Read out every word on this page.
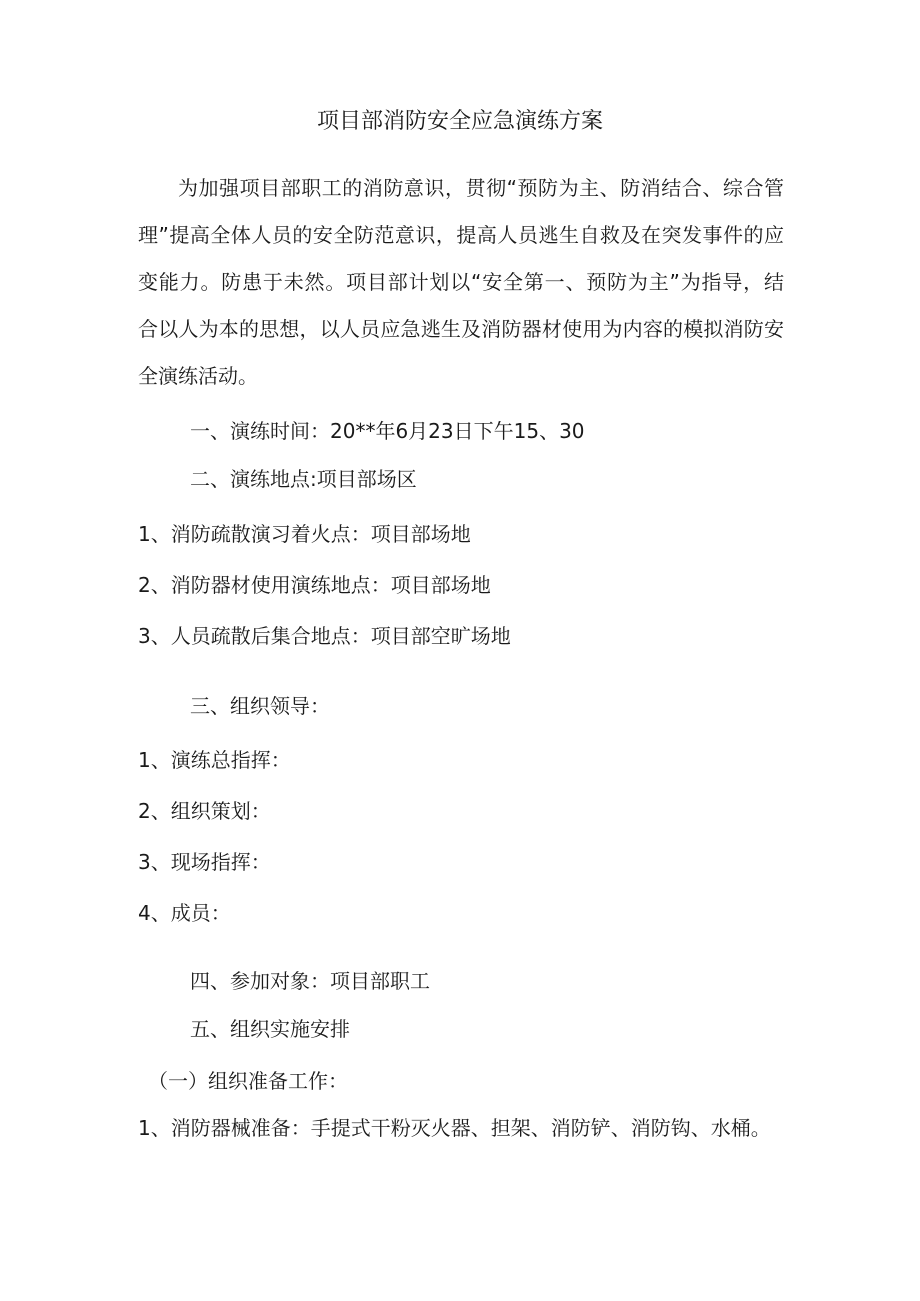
项目部消防安全应急演练方案
为加强项目部职工的消防意识，贯彻“预防为主、防消结合、综合管
理”提高全体人员的安全防范意识，提高人员逃生自救及在突发事件的应
变能力。防患于未然。项目部计划以“安全第一、预防为主”为指导，结
合以人为本的思想，以人员应急逃生及消防器材使用为内容的模拟消防安
全演练活动。

一、演练时间：20**年6月23日下午15、30

二、演练地点:项目部场区

1、消防疏散演习着火点：项目部场地

2、消防器材使用演练地点：项目部场地

3、人员疏散后集合地点：项目部空旷场地

三、组织领导：

1、演练总指挥：

2、组织策划：

3、现场指挥：

4、成员：

四、参加对象：项目部职工

五、组织实施安排

（一）组织准备工作：

1、消防器械准备：手提式干粉灭火器、担架、消防铲、消防钩、水桶。
